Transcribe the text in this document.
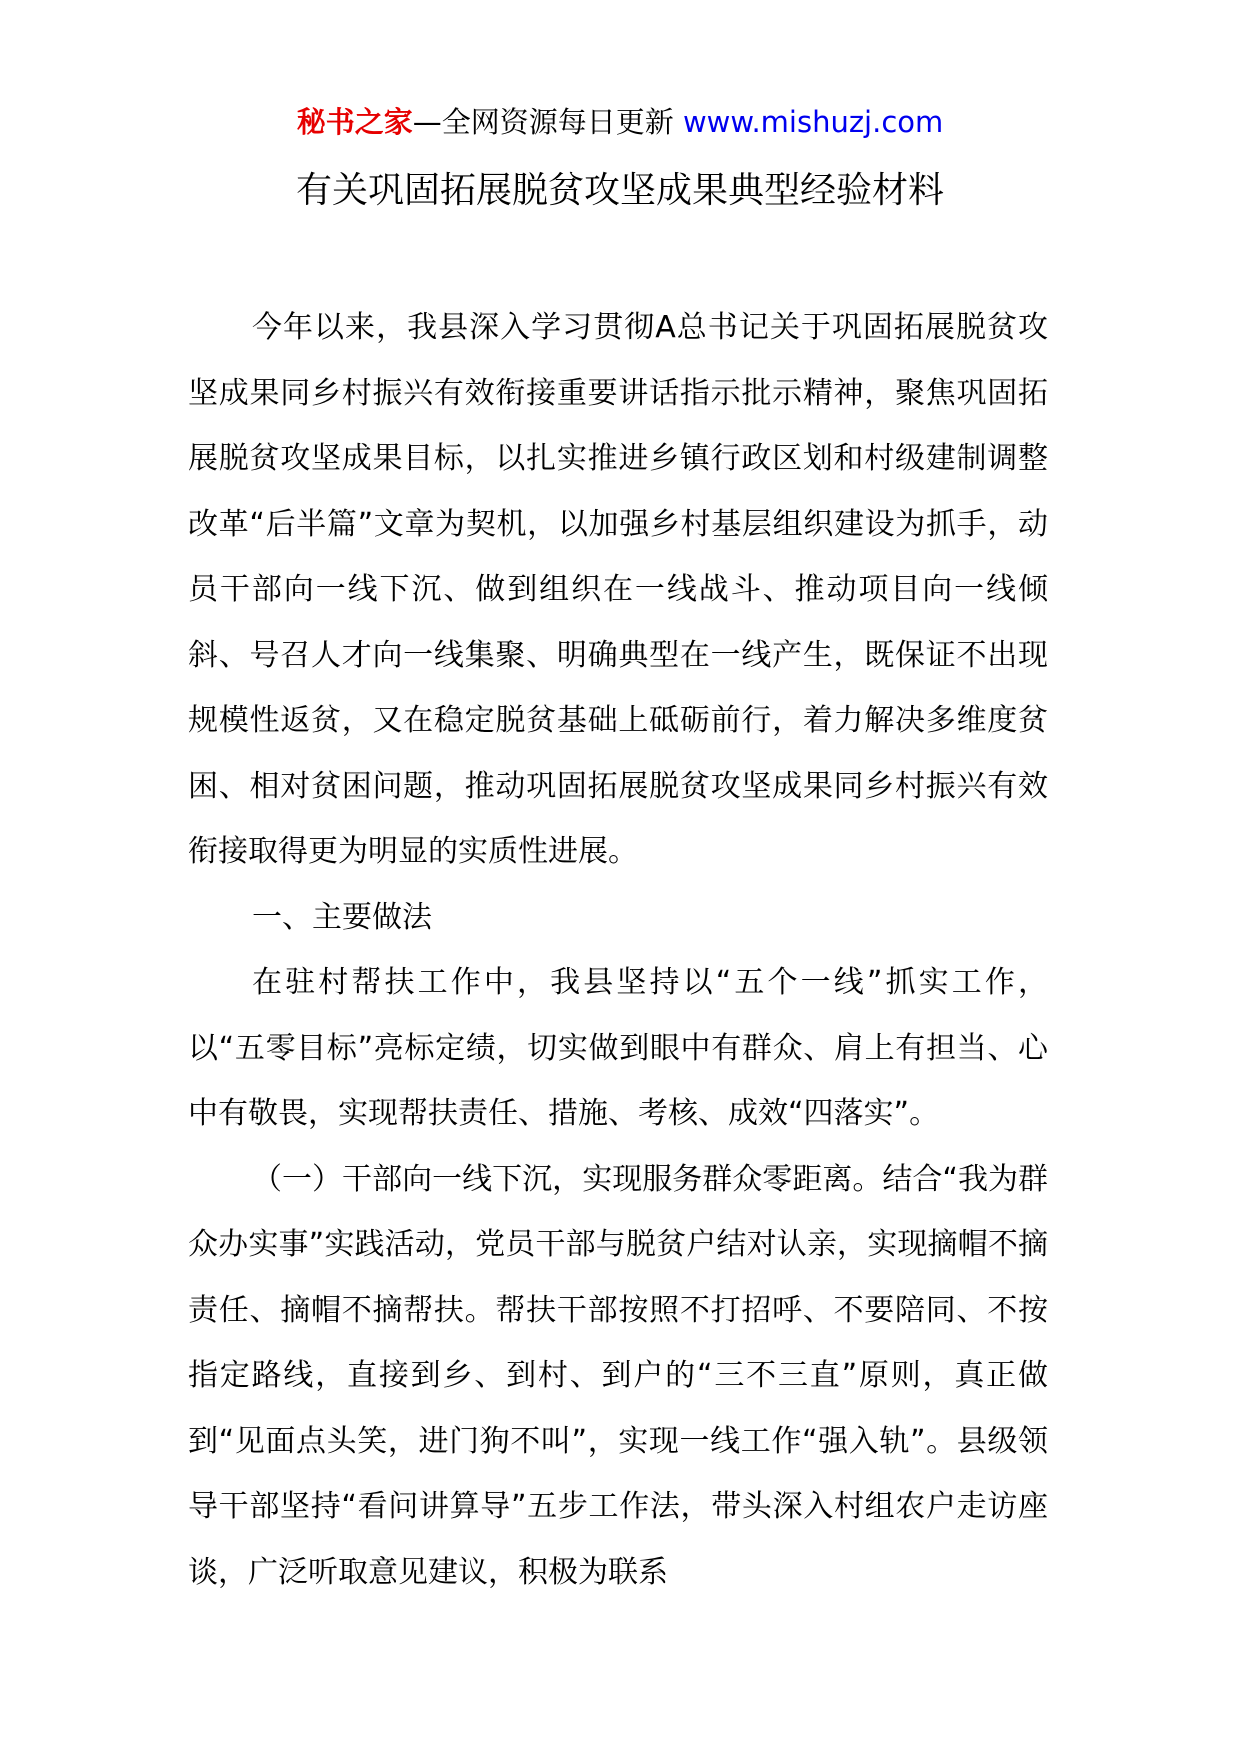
秘书之家—全网资源每日更新 www.mishuzj.com
有关巩固拓展脱贫攻坚成果典型经验材料

今年以来，我县深入学习贯彻A总书记关于巩固拓展脱贫攻坚成果同乡村振兴有效衔接重要讲话指示批示精神，聚焦巩固拓展脱贫攻坚成果目标，以扎实推进乡镇行政区划和村级建制调整改革“后半篇”文章为契机，以加强乡村基层组织建设为抓手，动员干部向一线下沉、做到组织在一线战斗、推动项目向一线倾斜、号召人才向一线集聚、明确典型在一线产生，既保证不出现规模性返贫，又在稳定脱贫基础上砥砺前行，着力解决多维度贫困、相对贫困问题，推动巩固拓展脱贫攻坚成果同乡村振兴有效衔接取得更为明显的实质性进展。

一、主要做法

在驻村帮扶工作中，我县坚持以“五个一线”抓实工作，以“五零目标”亮标定绩，切实做到眼中有群众、肩上有担当、心中有敬畏，实现帮扶责任、措施、考核、成效“四落实”。

（一）干部向一线下沉，实现服务群众零距离。结合“我为群众办实事”实践活动，党员干部与脱贫户结对认亲，实现摘帽不摘责任、摘帽不摘帮扶。帮扶干部按照不打招呼、不要陪同、不按指定路线，直接到乡、到村、到户的“三不三直”原则，真正做到“见面点头笑，进门狗不叫”，实现一线工作“强入轨”。县级领导干部坚持“看问讲算导”五步工作法，带头深入村组农户走访座谈，广泛听取意见建议，积极为联系
